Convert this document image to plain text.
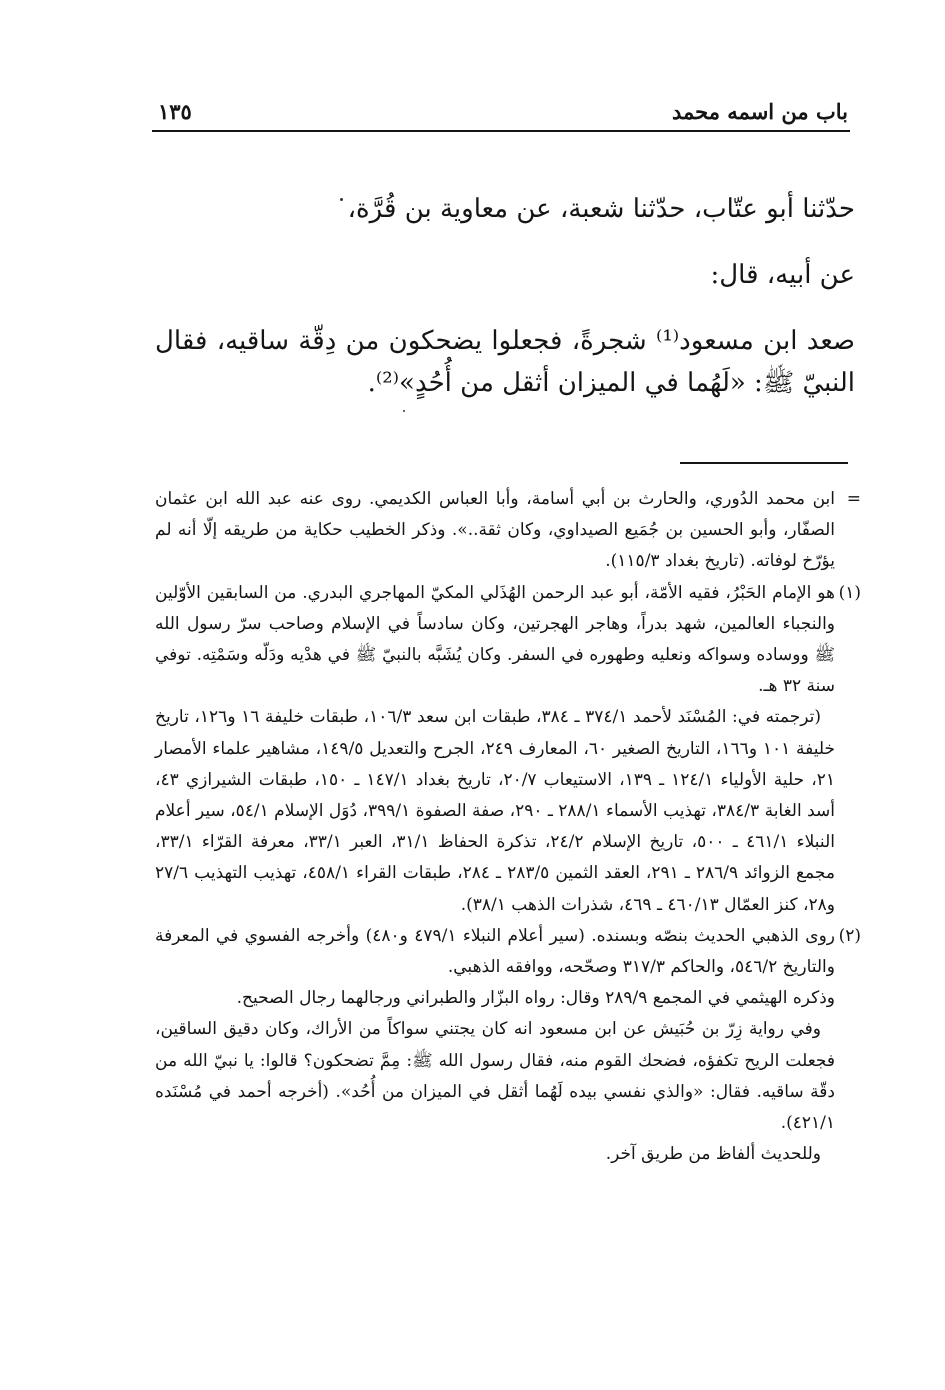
باب من اسمه محمد
١٣٥

حدّثنا أبو عتّاب، حدّثنا شعبة، عن معاوية بن قُرَّة،

عن أبيه، قال:

صعد ابن مسعود⁽¹⁾ شجرةً، فجعلوا يضحكون من دِقّة ساقيه، فقال النبيّ ﷺ: «لَهُما في الميزان أثقل من أُحُدٍ»⁽²⁾.

=
ابن محمد الدُوري، والحارث بن أبي أسامة، وأبا العباس الكديمي. روى عنه عبد الله ابن عثمان الصفّار، وأبو الحسين بن جُمَيع الصيداوي، وكان ثقة..». وذكر الخطيب حكاية من طريقه إلّا أنه لم يؤرّخ لوفاته. (تاريخ بغداد ١١٥/٣).

(١)
هو الإمام الحَبْرُ، فقيه الأمّة، أبو عبد الرحمن الهُذَلي المكيّ المهاجري البدري. من السابقين الأوّلين والنجباء العالمين، شهد بدراً، وهاجر الهجرتين، وكان سادساً في الإسلام وصاحب سرّ رسول الله ﷺ ووساده وسواكه ونعليه وطهوره في السفر. وكان يُشَبَّه بالنبيّ ﷺ في هدْيه ودَلّه وسَمْتِه. توفي سنة ٣٢ هـ.

(ترجمته في: المُسْنَد لأحمد ٣٧٤/١ ـ ٣٨٤، طبقات ابن سعد ١٠٦/٣، طبقات خليفة ١٦ و١٢٦، تاريخ خليفة ١٠١ و١٦٦، التاريخ الصغير ٦٠، المعارف ٢٤٩، الجرح والتعديل ١٤٩/٥، مشاهير علماء الأمصار ٢١، حلية الأولياء ١٢٤/١ ـ ١٣٩، الاستيعاب ٢٠/٧، تاريخ بغداد ١٤٧/١ ـ ١٥٠، طبقات الشيرازي ٤٣، أسد الغابة ٣٨٤/٣، تهذيب الأسماء ٢٨٨/١ ـ ٢٩٠، صفة الصفوة ٣٩٩/١، دُوَل الإسلام ٥٤/١، سير أعلام النبلاء ٤٦١/١ ـ ٥٠٠، تاريخ الإسلام ٢٤/٢، تذكرة الحفاظ ٣١/١، العبر ٣٣/١، معرفة القرّاء ٣٣/١، مجمع الزوائد ٢٨٦/٩ ـ ٢٩١، العقد الثمين ٢٨٣/٥ ـ ٢٨٤، طبقات القراء ٤٥٨/١، تهذيب التهذيب ٢٧/٦ و٢٨، كنز العمّال ٤٦٠/١٣ ـ ٤٦٩، شذرات الذهب ٣٨/١).

(٢)
روى الذهبي الحديث بنصّه وبسنده. (سير أعلام النبلاء ٤٧٩/١ و٤٨٠) وأخرجه الفسوي في المعرفة والتاريخ ٥٤٦/٢، والحاكم ٣١٧/٣ وصحّحه، ووافقه الذهبي.

وذكره الهيثمي في المجمع ٢٨٩/٩ وقال: رواه البزّار والطبراني ورجالهما رجال الصحيح.

وفي رواية زِرّ بن حُبَيش عن ابن مسعود انه كان يجتني سواكاً من الأراك، وكان دقيق الساقين، فجعلت الريح تكفؤه، فضحك القوم منه، فقال رسول الله ﷺ: مِمَّ تضحكون؟ قالوا: يا نبيّ الله من دقّة ساقيه. فقال: «والذي نفسي بيده لَهُما أثقل في الميزان من أُحُد». (أخرجه أحمد في مُسْنَده ٤٢١/١).

وللحديث ألفاظ من طريق آخر.
